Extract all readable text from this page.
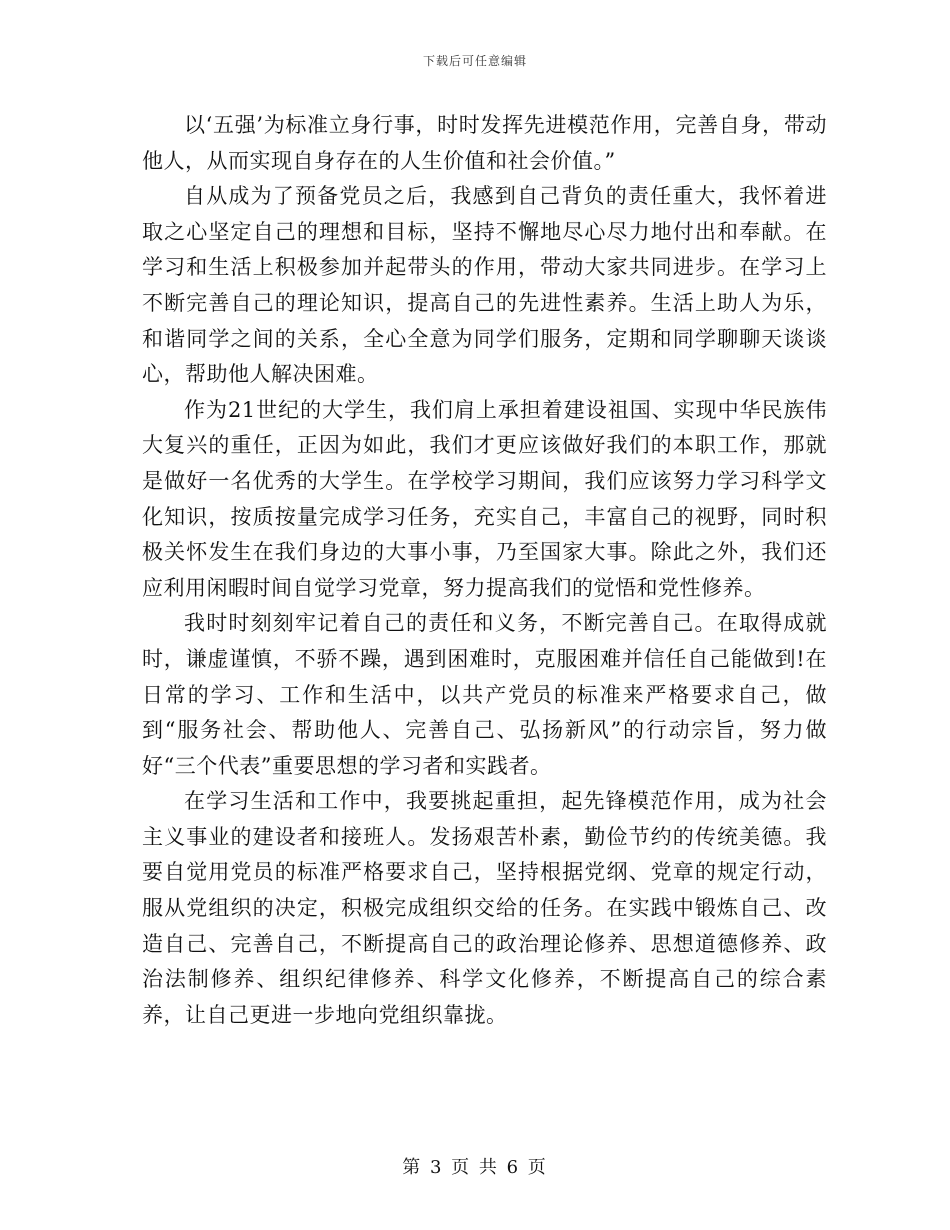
下载后可任意编辑

以‘五强’为标准立身行事，时时发挥先进模范作用，完善自身，带动他人，从而实现自身存在的人生价值和社会价值。”

自从成为了预备党员之后，我感到自己背负的责任重大，我怀着进取之心坚定自己的理想和目标，坚持不懈地尽心尽力地付出和奉献。在学习和生活上积极参加并起带头的作用，带动大家共同进步。在学习上不断完善自己的理论知识，提高自己的先进性素养。生活上助人为乐，和谐同学之间的关系，全心全意为同学们服务，定期和同学聊聊天谈谈心，帮助他人解决困难。

作为21世纪的大学生，我们肩上承担着建设祖国、实现中华民族伟大复兴的重任，正因为如此，我们才更应该做好我们的本职工作，那就是做好一名优秀的大学生。在学校学习期间，我们应该努力学习科学文化知识，按质按量完成学习任务，充实自己，丰富自己的视野，同时积极关怀发生在我们身边的大事小事，乃至国家大事。除此之外，我们还应利用闲暇时间自觉学习党章，努力提高我们的觉悟和党性修养。

我时时刻刻牢记着自己的责任和义务，不断完善自己。在取得成就时，谦虚谨慎，不骄不躁，遇到困难时，克服困难并信任自己能做到!在日常的学习、工作和生活中，以共产党员的标准来严格要求自己，做到“服务社会、帮助他人、完善自己、弘扬新风”的行动宗旨，努力做好“三个代表”重要思想的学习者和实践者。

在学习生活和工作中，我要挑起重担，起先锋模范作用，成为社会主义事业的建设者和接班人。发扬艰苦朴素，勤俭节约的传统美德。我要自觉用党员的标准严格要求自己，坚持根据党纲、党章的规定行动，服从党组织的决定，积极完成组织交给的任务。在实践中锻炼自己、改造自己、完善自己，不断提高自己的政治理论修养、思想道德修养、政治法制修养、组织纪律修养、科学文化修养，不断提高自己的综合素养，让自己更进一步地向党组织靠拢。

第 3 页 共 6 页
